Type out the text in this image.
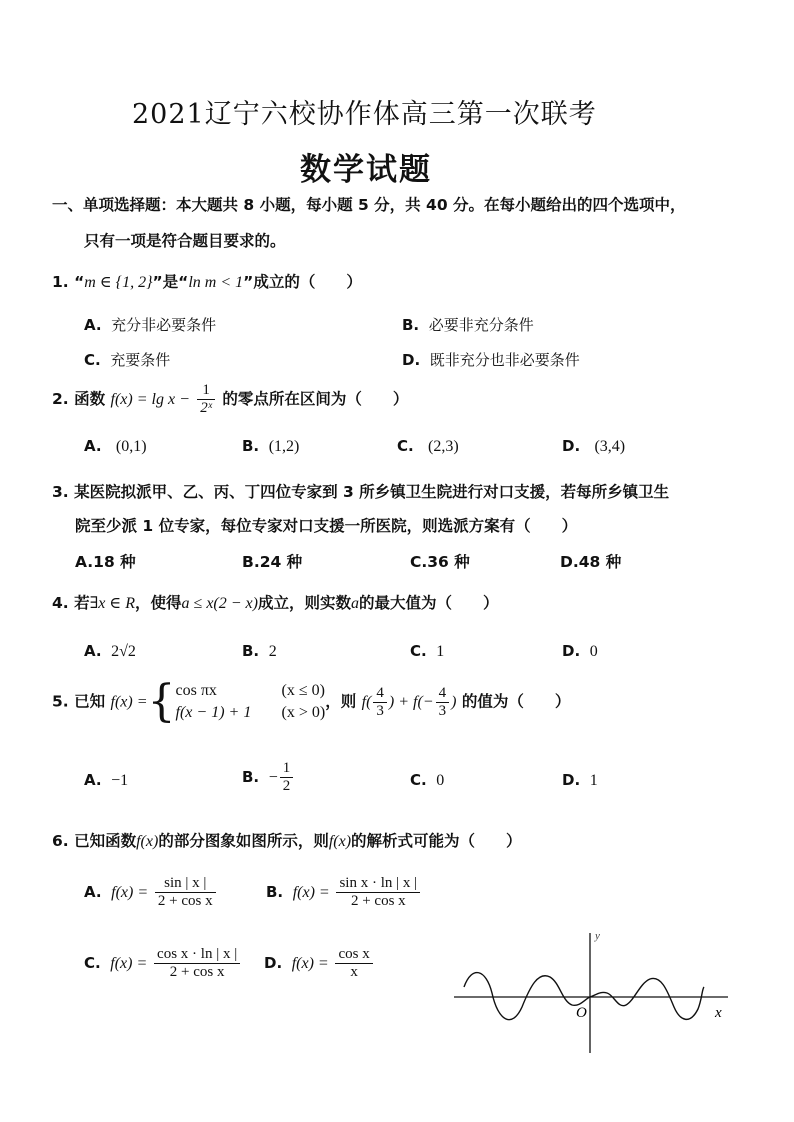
2021辽宁六校协作体高三第一次联考
数学试题
一、单项选择题：本大题共 8 小题，每小题 5 分，共 40 分。在每小题给出的四个选项中，
只有一项是符合题目要求的。
1. “m ∈ {1, 2}”是“ln m < 1”成立的（　　）
A. 充分非必要条件	B. 必要非充分条件
C. 充要条件	D. 既非充分也非必要条件
2. 函数 $f(x) = \lg x - \frac{1}{\text{2ˣ}}$ 的零点所在区间为（　　）
A. (0,1)	B. (1,2)	C. (2,3)	D. (3,4)
3. 某医院拟派甲、乙、丙、丁四位专家到 3 所乡镇卫生院进行对口支援，若每所乡镇卫生
院至少派 1 位专家，每位专家对口支援一所医院，则选派方案有（　　）
A.18 种	B.24 种	C.36 种	D.48 种
4. 若∃x ∈ R，使得a ≤ x(2 − x)成立，则实数a的最大值为（　　）
A. 2√2	B. 2	C. 1	D. 0
5. 已知 f(x) ={cos πx	(x ≤ 0)
f(x − 1) + 1 (x > 0)，则 $f( \frac{4}{3}$ ) + $f(- \frac{4}{3}$ ) 的值为（　　）
A. −1	B. − $\frac{1}{2}$	C. 0	D. 1
6. 已知函数f(x)的部分图象如图所示，则f(x)的解析式可能为（　　）
A. $f(x) = \frac{\sin | x |}{\text{2 + cos x}}$	B. $f(x) = \frac{\text{sin x · ln | x |}}{\text{2 + cos x}}$
C. $f(x) = \frac{\text{cos x · ln | x |}}{\text{2 + cos x}} D$. $f(x) = \frac{\text{cos x}}{x}$
y
O	x
